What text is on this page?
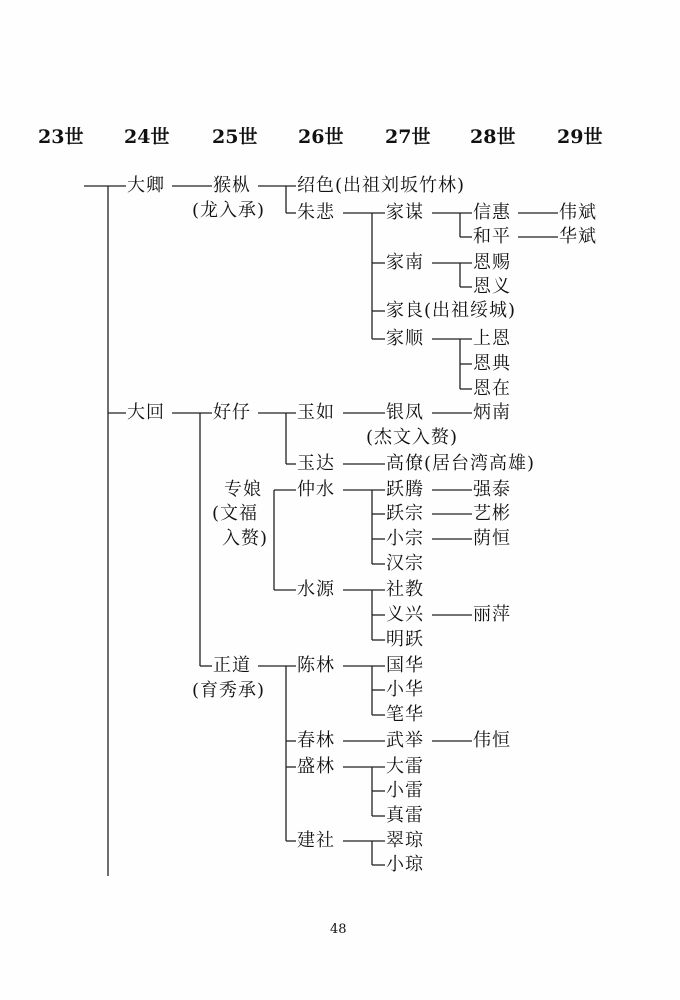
23世 24世 25世 26世 27世 28世 29世
大卿	猴枞
(龙入承)
绍色(出祖刘坂竹林)
朱悲	家谋	信惠	伟斌
和平	华斌
家南	恩赐
恩义
家良(出祖绥城)
家顺	上恩
恩典
恩在
大回	好仔	玉如	银凤	炳南
(杰文入赘)
玉达	高僚(居台湾高雄)
专娘
(文福
入赘)
仲水	跃腾	强泰
跃宗	艺彬
小宗	荫恒
汉宗
水源	社教
义兴	丽萍
明跃
正道
(育秀承)
陈林	国华
小华
笔华
春林	武举	伟恒
盛林	大雷
小雷
真雷
建社	翠琼
小琼
48
